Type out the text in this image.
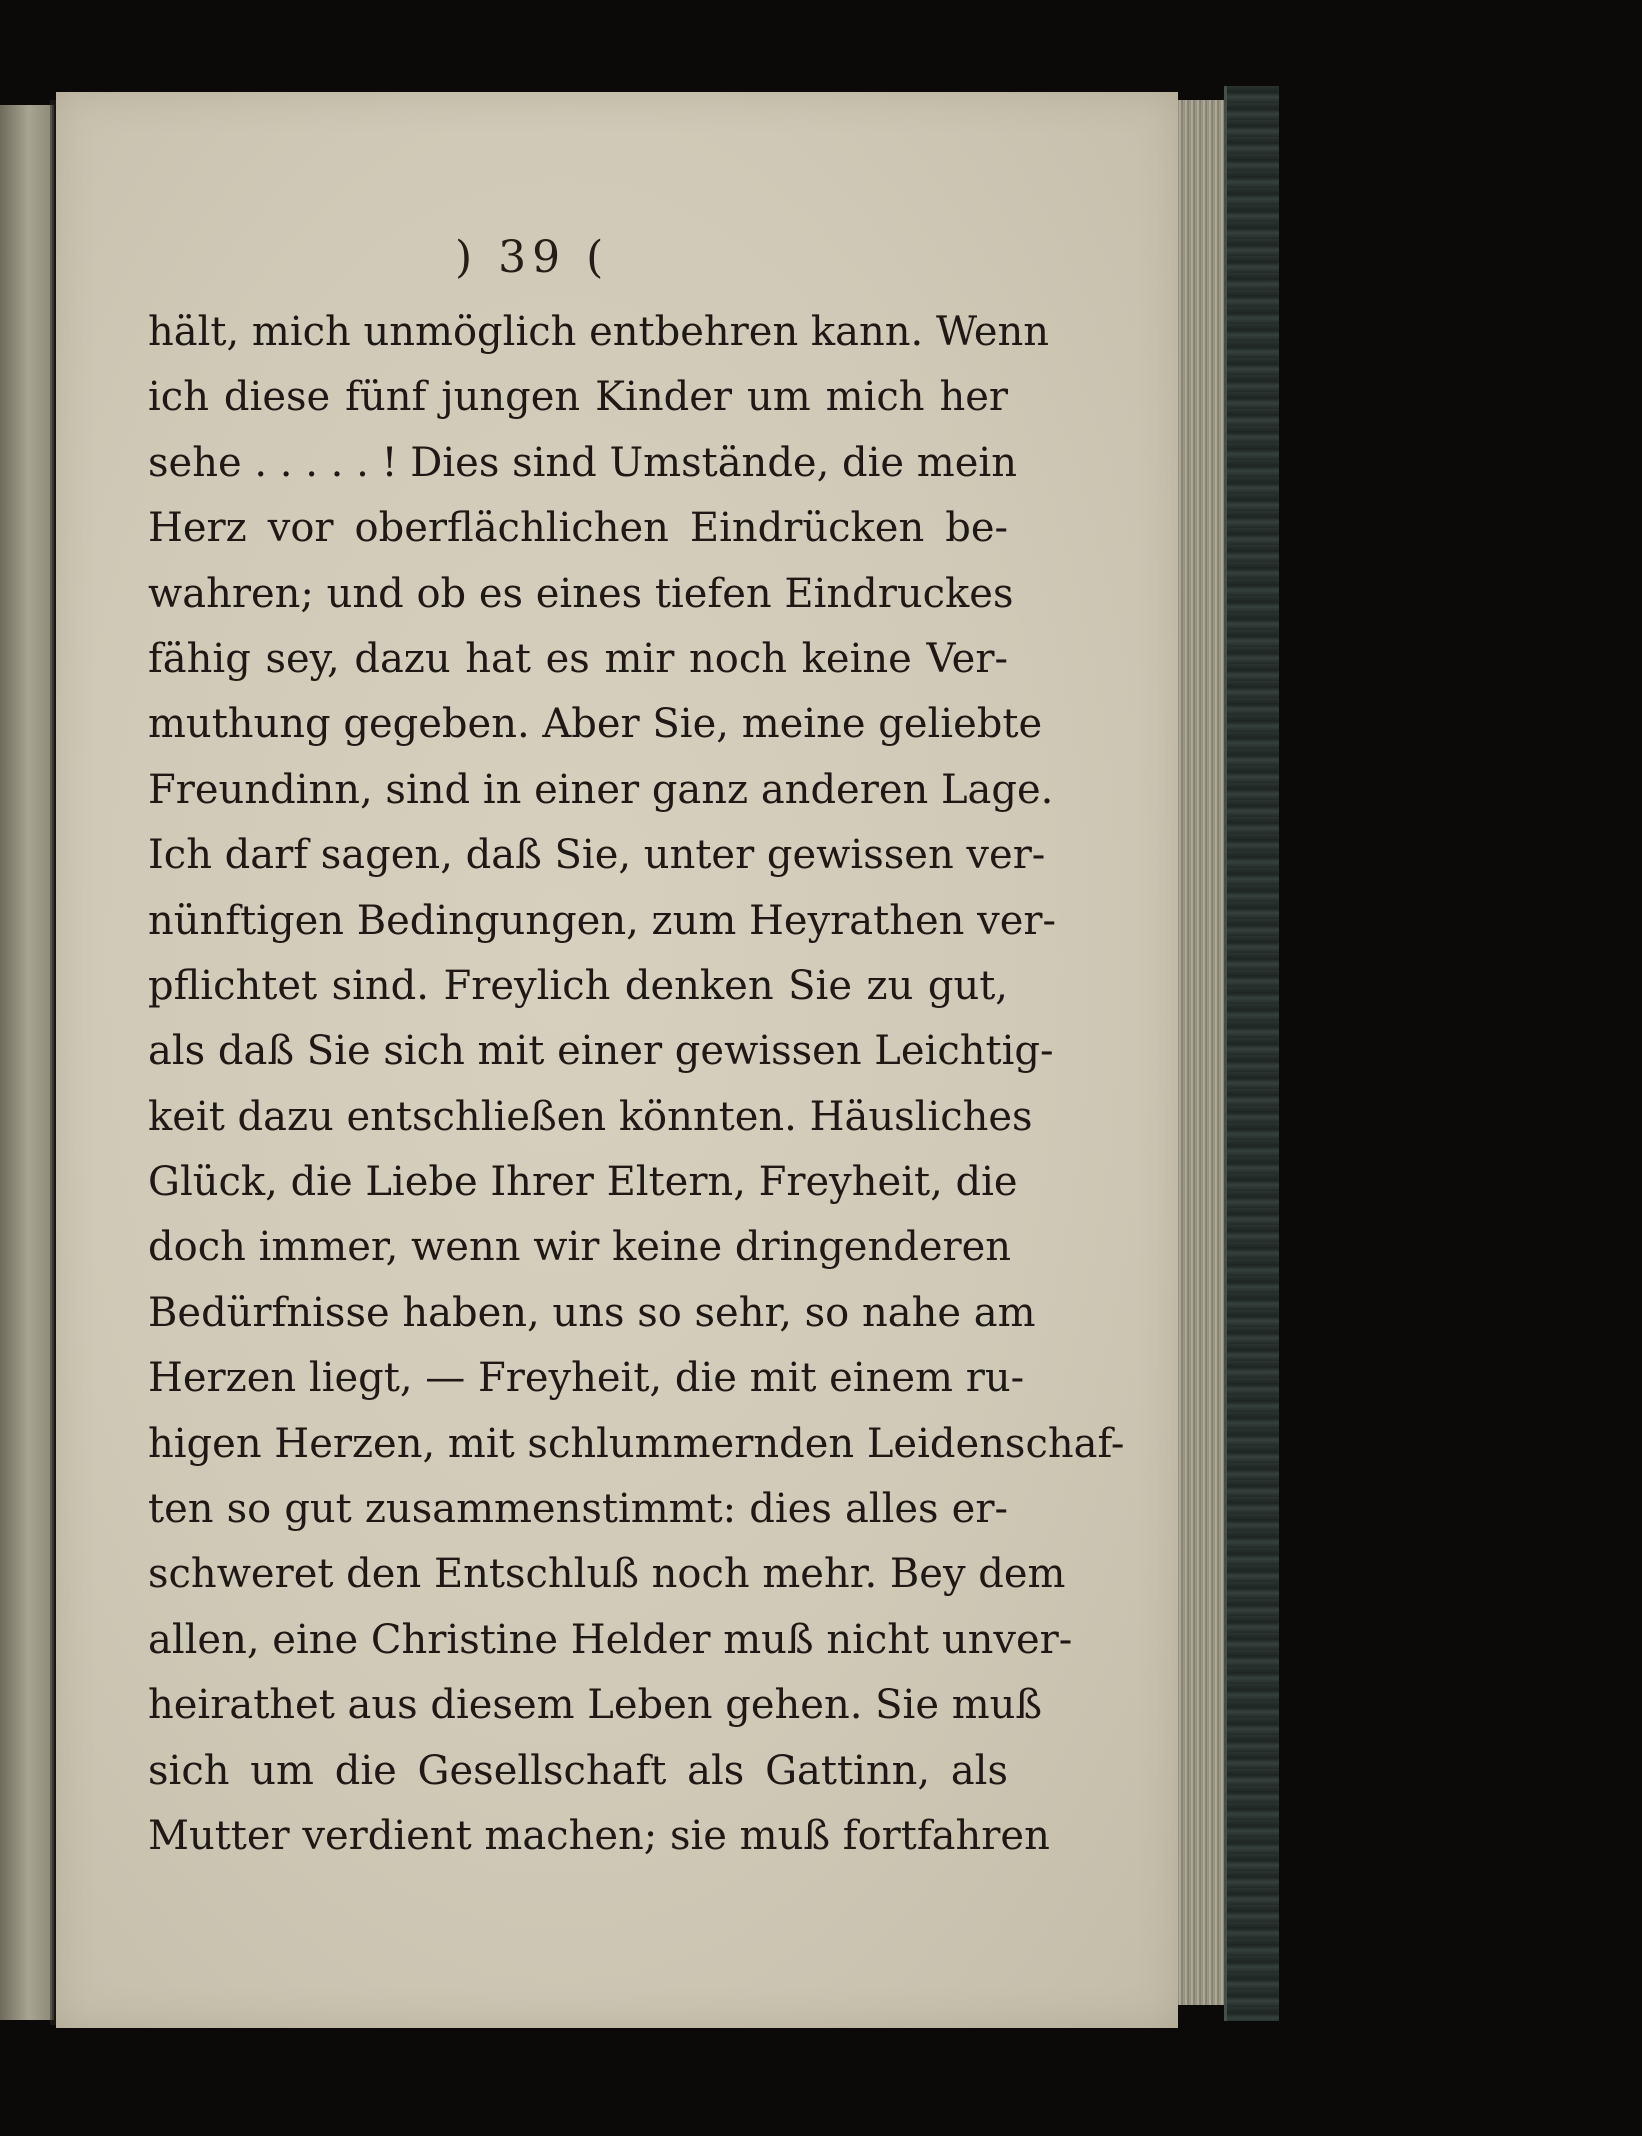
) 39 (
hält, mich unmöglich entbehren kann. Wenn
ich diese fünf jungen Kinder um mich her
sehe . . . . . ! Dies sind Umstände, die mein
Herz vor oberflächlichen Eindrücken be-
wahren; und ob es eines tiefen Eindruckes
fähig sey, dazu hat es mir noch keine Ver-
muthung gegeben. Aber Sie, meine geliebte
Freundinn, sind in einer ganz anderen Lage.
Ich darf sagen, daß Sie, unter gewissen ver-
nünftigen Bedingungen, zum Heyrathen ver-
pflichtet sind. Freylich denken Sie zu gut,
als daß Sie sich mit einer gewissen Leichtig-
keit dazu entschließen könnten. Häusliches
Glück, die Liebe Ihrer Eltern, Freyheit, die
doch immer, wenn wir keine dringenderen
Bedürfnisse haben, uns so sehr, so nahe am
Herzen liegt, — Freyheit, die mit einem ru-
higen Herzen, mit schlummernden Leidenschaf-
ten so gut zusammenstimmt: dies alles er-
schweret den Entschluß noch mehr. Bey dem
allen, eine Christine Helder muß nicht unver-
heirathet aus diesem Leben gehen. Sie muß
sich um die Gesellschaft als Gattinn, als
Mutter verdient machen; sie muß fortfahren
